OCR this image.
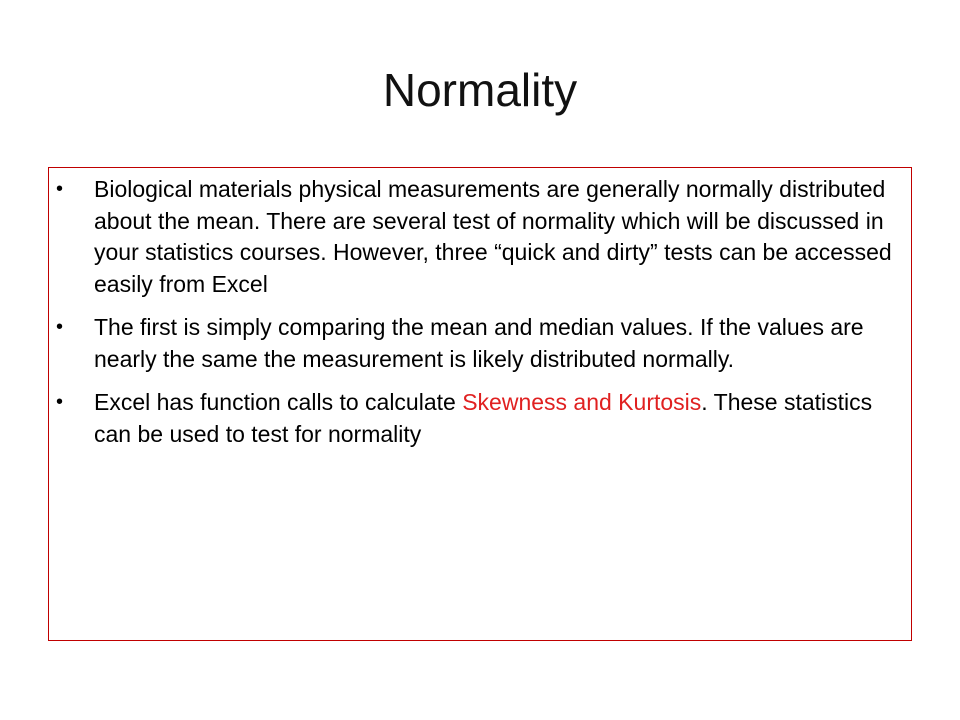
Normality
• Biological materials physical measurements are generally normally distributed about the mean. There are several test of normality which will be discussed in your statistics courses. However, three “quick and dirty” tests can be accessed easily from Excel
• The first is simply comparing the mean and median values. If the values are nearly the same the measurement is likely distributed normally.
• Excel has function calls to calculate Skewness and Kurtosis. These statistics can be used to test for normality
